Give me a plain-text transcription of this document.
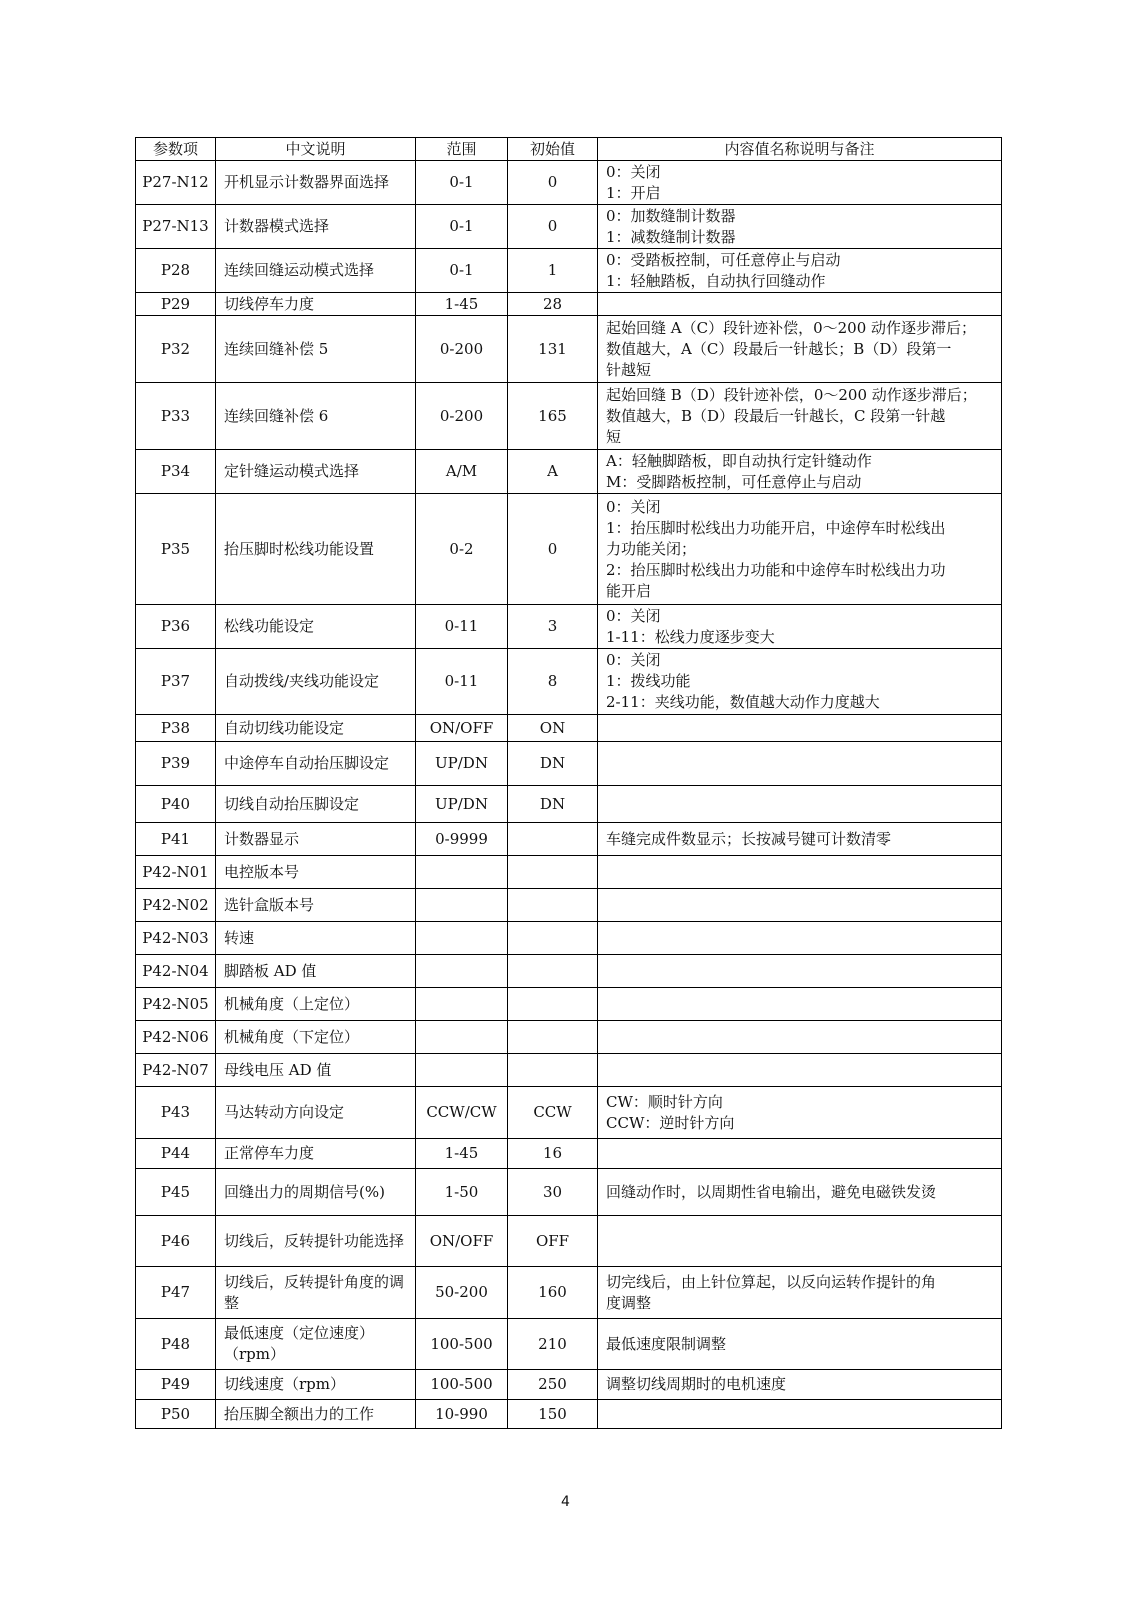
参数项	中文说明	范围	初始值	内容值名称说明与备注
P27-N12	开机显示计数器界面选择	0-1	0	0：关闭
1：开启

P27-N13	计数器模式选择	0-1	0	0：加数缝制计数器
1：减数缝制计数器

P28	连续回缝运动模式选择	0-1	1	0：受踏板控制，可任意停止与启动
1：轻触踏板，自动执行回缝动作

P29	切线停车力度	1-45	28	
P32	连续回缝补偿 5	0-200	131	起始回缝 A（C）段针迹补偿，0～200 动作逐步滞后；
数值越大，A（C）段最后一针越长；B（D）段第一
针越短

P33	连续回缝补偿 6	0-200	165	起始回缝 B（D）段针迹补偿，0～200 动作逐步滞后；
数值越大，B（D）段最后一针越长，C 段第一针越
短

P34	定针缝运动模式选择	A/M	A	A：轻触脚踏板，即自动执行定针缝动作
M：受脚踏板控制，可任意停止与启动

P35	抬压脚时松线功能设置	0-2	0	0：关闭
1：抬压脚时松线出力功能开启，中途停车时松线出
力功能关闭；
2：抬压脚时松线出力功能和中途停车时松线出力功
能开启

P36	松线功能设定	0-11	3	0：关闭
1-11：松线力度逐步变大

P37	自动拨线/夹线功能设定	0-11	8	0：关闭
1：拨线功能
2-11：夹线功能，数值越大动作力度越大

P38	自动切线功能设定	ON/OFF	ON	
P39	中途停车自动抬压脚设定	UP/DN	DN	
P40	切线自动抬压脚设定	UP/DN	DN	
P41	计数器显示	0-9999		车缝完成件数显示；长按减号键可计数清零

P42-N01	电控版本号			
P42-N02	选针盒版本号			
P42-N03	转速			
P42-N04	脚踏板 AD 值			
P42-N05	机械角度（上定位）			
P42-N06	机械角度（下定位）			
P42-N07	母线电压 AD 值			
P43	马达转动方向设定	CCW/CW	CCW	CW：顺时针方向
CCW：逆时针方向

P44	正常停车力度	1-45	16	
P45	回缝出力的周期信号(%)	1-50	30	回缝动作时，以周期性省电输出，避免电磁铁发烫

P46	切线后，反转提针功能选择	ON/OFF	OFF	
P47	切线后，反转提针角度的调整	50-200	160	切完线后，由上针位算起，以反向运转作提针的角
度调整

P48	最低速度（定位速度）（rpm）	100-500	210	最低速度限制调整

P49	切线速度（rpm）	100-500	250	调整切线周期时的电机速度

P50	抬压脚全额出力的工作	10-990	150	
4
